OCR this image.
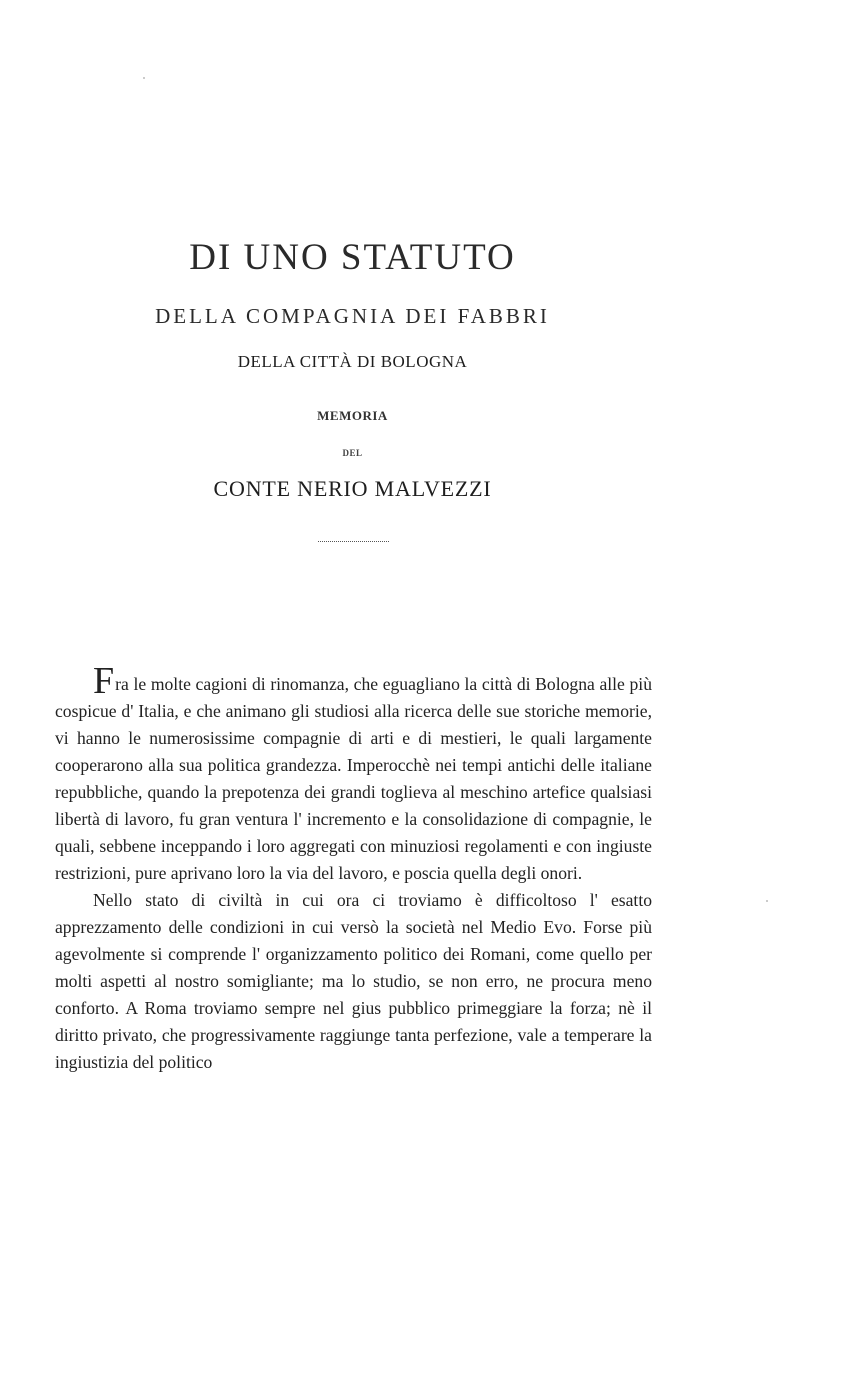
DI UNO STATUTO
DELLA COMPAGNIA DEI FABBRI
DELLA CITTÀ DI BOLOGNA
MEMORIA
DEL
CONTE NERIO MALVEZZI

Fra le molte cagioni di rinomanza, che eguagliano la città di Bologna alle più cospicue d' Italia, e che animano gli studiosi alla ricerca delle sue storiche memorie, vi hanno le numerosissime compagnie di arti e di mestieri, le quali largamente cooperarono alla sua politica grandezza. Imperocchè nei tempi antichi delle italiane repubbliche, quando la prepotenza dei grandi toglieva al meschino artefice qualsiasi libertà di lavoro, fu gran ventura l' incremento e la consolidazione di compagnie, le quali, sebbene inceppando i loro aggregati con minuziosi regolamenti e con ingiuste restrizioni, pure aprivano loro la via del lavoro, e poscia quella degli onori.

Nello stato di civiltà in cui ora ci troviamo è difficoltoso l' esatto apprezzamento delle condizioni in cui versò la società nel Medio Evo. Forse più agevolmente si comprende l' organizzamento politico dei Romani, come quello per molti aspetti al nostro somigliante; ma lo studio, se non erro, ne procura meno conforto. A Roma troviamo sempre nel gius pubblico primeggiare la forza; nè il diritto privato, che progressivamente raggiunge tanta perfezione, vale a temperare la ingiustizia del politico
